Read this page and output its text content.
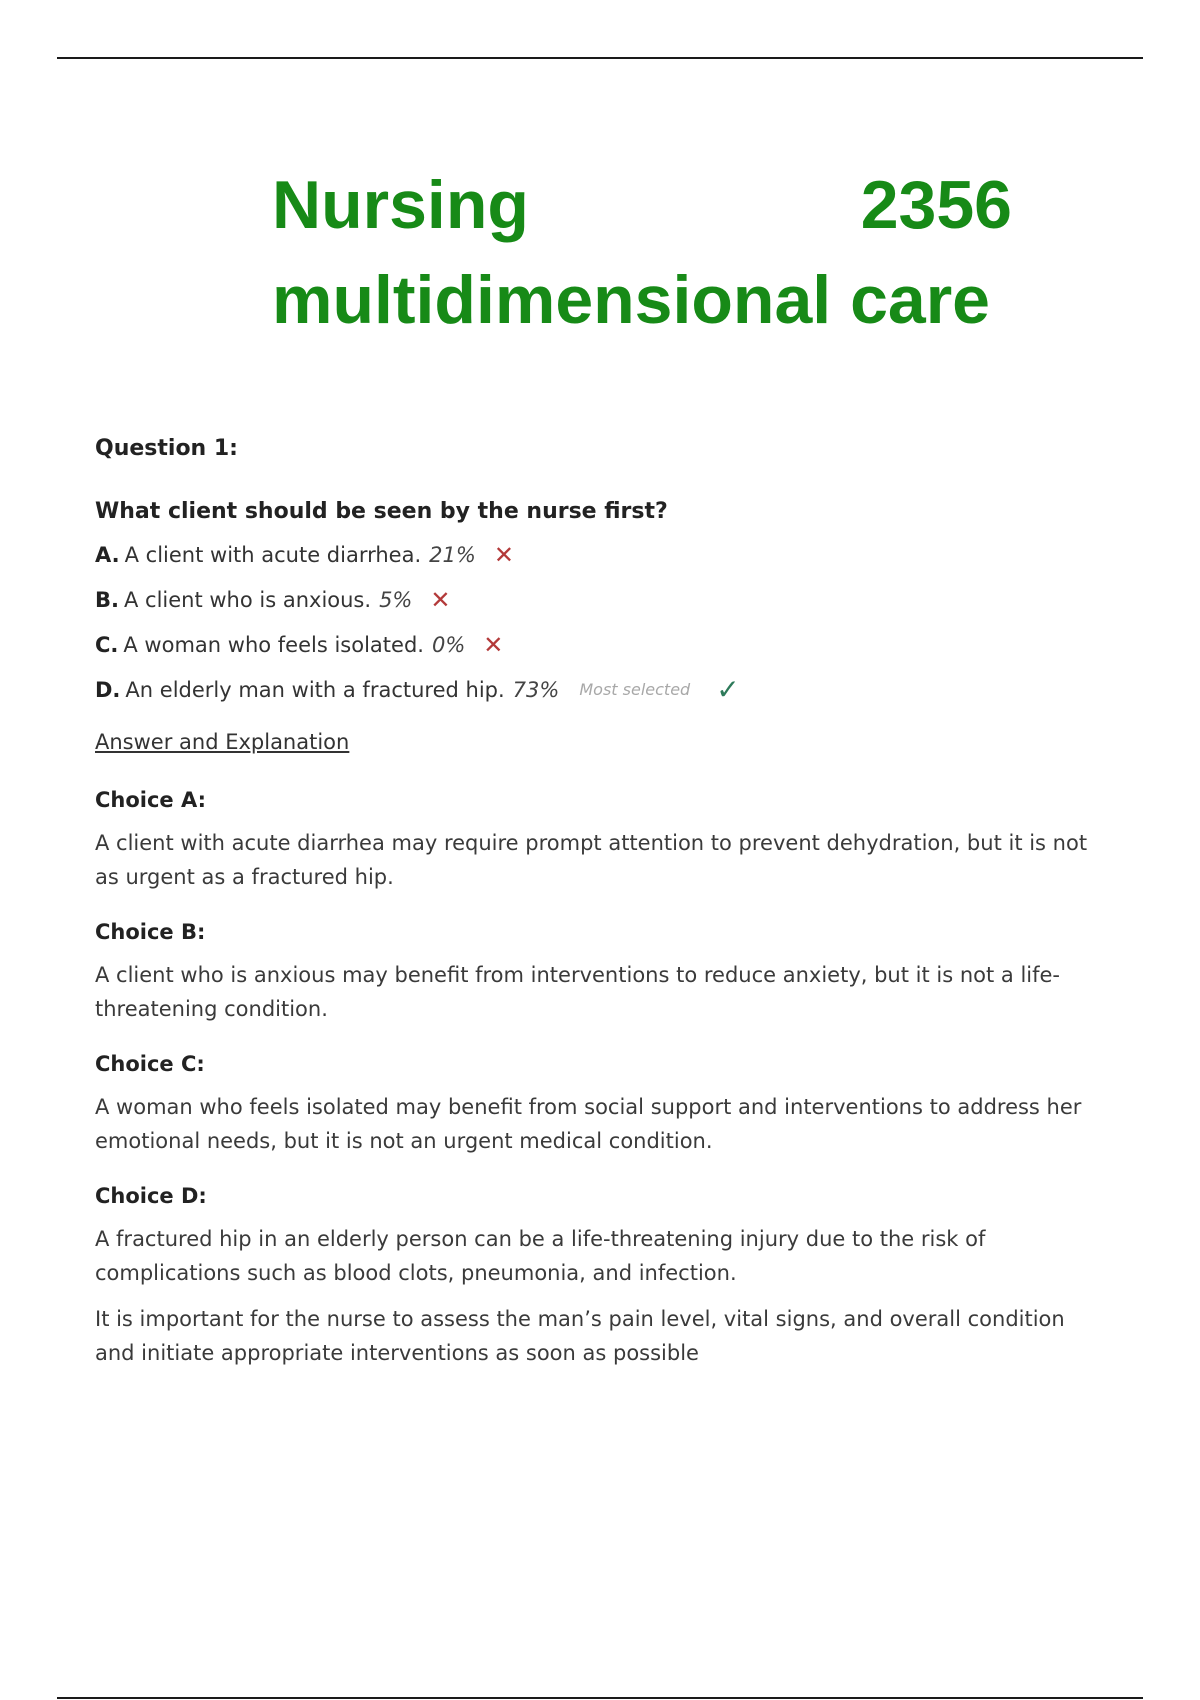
Nursing	2356
multidimensional care
Question 1:
What client should be seen by the nurse first?
A. A client with acute diarrhea. 21% ✕
B. A client who is anxious. 5% ✕
C. A woman who feels isolated. 0% ✕
D. An elderly man with a fractured hip. 73% Most selected ✓
Answer and Explanation
Choice A:
A client with acute diarrhea may require prompt attention to prevent dehydration, but it is not as urgent as a fractured hip.
Choice B:
A client who is anxious may benefit from interventions to reduce anxiety, but it is not a life-threatening condition.
Choice C:
A woman who feels isolated may benefit from social support and interventions to address her emotional needs, but it is not an urgent medical condition.
Choice D:
A fractured hip in an elderly person can be a life-threatening injury due to the risk of complications such as blood clots, pneumonia, and infection.
It is important for the nurse to assess the man’s pain level, vital signs, and overall condition and initiate appropriate interventions as soon as possible
